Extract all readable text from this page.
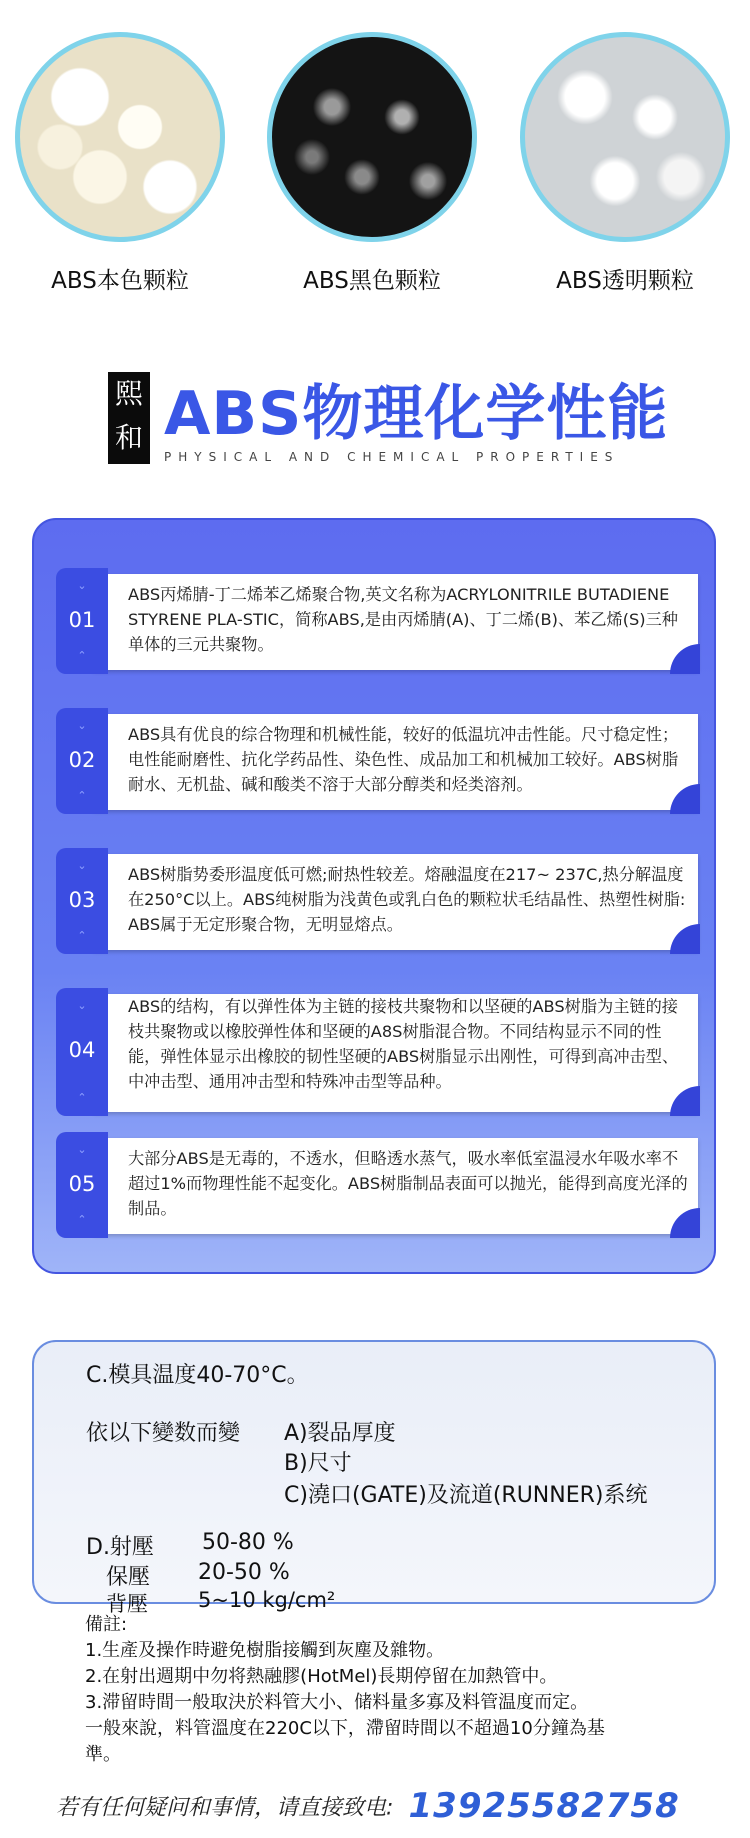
ABS本色颗粒	ABS黑色颗粒	ABS透明颗粒
熙
和 ABS物理化学性能
PHYSICAL AND CHEMICAL PROPERTIES
⌄
01
⌃
ABS丙烯腈-丁二烯苯乙烯聚合物,英文名称为ACRYLONITRILE BUTADIENE STYRENE PLA-STIC，简称ABS,是由丙烯腈(A)、丁二烯(B)、苯乙烯(S)三种单体的三元共聚物。
⌄
02
⌃
ABS具有优良的综合物理和机械性能，较好的低温坑冲击性能。尺寸稳定性；电性能耐磨性、抗化学药品性、染色性、成品加工和机械加工较好。ABS树脂耐水、无机盐、碱和酸类不溶于大部分醇类和烃类溶剂。
⌄
03
⌃
ABS树脂势委形温度低可燃;耐热性较差。熔融温度在217~ 237C,热分解温度在250°C以上。ABS纯树脂为浅黄色或乳白色的颗粒状毛结晶性、热塑性树脂: ABS属于无定形聚合物，无明显熔点。
⌄
04
⌃
ABS的结构，有以弹性体为主链的接枝共聚物和以坚硬的ABS树脂为主链的接枝共聚物或以橡胶弹性体和坚硬的A8S树脂混合物。不同结构显示不同的性能，弹性体显示出橡胶的韧性坚硬的ABS树脂显示出刚性，可得到高冲击型、中冲击型、通用冲击型和特殊冲击型等品种。
⌄
05
⌃
大部分ABS是无毒的，不透水，但略透水蒸气，吸水率低室温浸水年吸水率不超过1%而物理性能不起变化。ABS树脂制品表面可以抛光，能得到高度光泽的制品。
C.模具温度40-70°C。
依以下變数而變 A)裂品厚度
B)尺寸
C)澆口(GATE)及流道(RUNNER)系统
D.射壓 50-80 %
保壓 20-50 %
背壓 5~10 kg/cm²
備註:
1.生產及操作時避免樹脂接觸到灰塵及雜物。
2.在射出週期中勿将熱融膠(HotMel)長期停留在加熱管中。
3.滞留時間一般取決於料管大小、储料量多寡及料管温度而定。
一般來說，料管溫度在220C以下，滯留時間以不超過10分鐘為基
準。
若有任何疑问和事情，请直接致电: 13925582758
